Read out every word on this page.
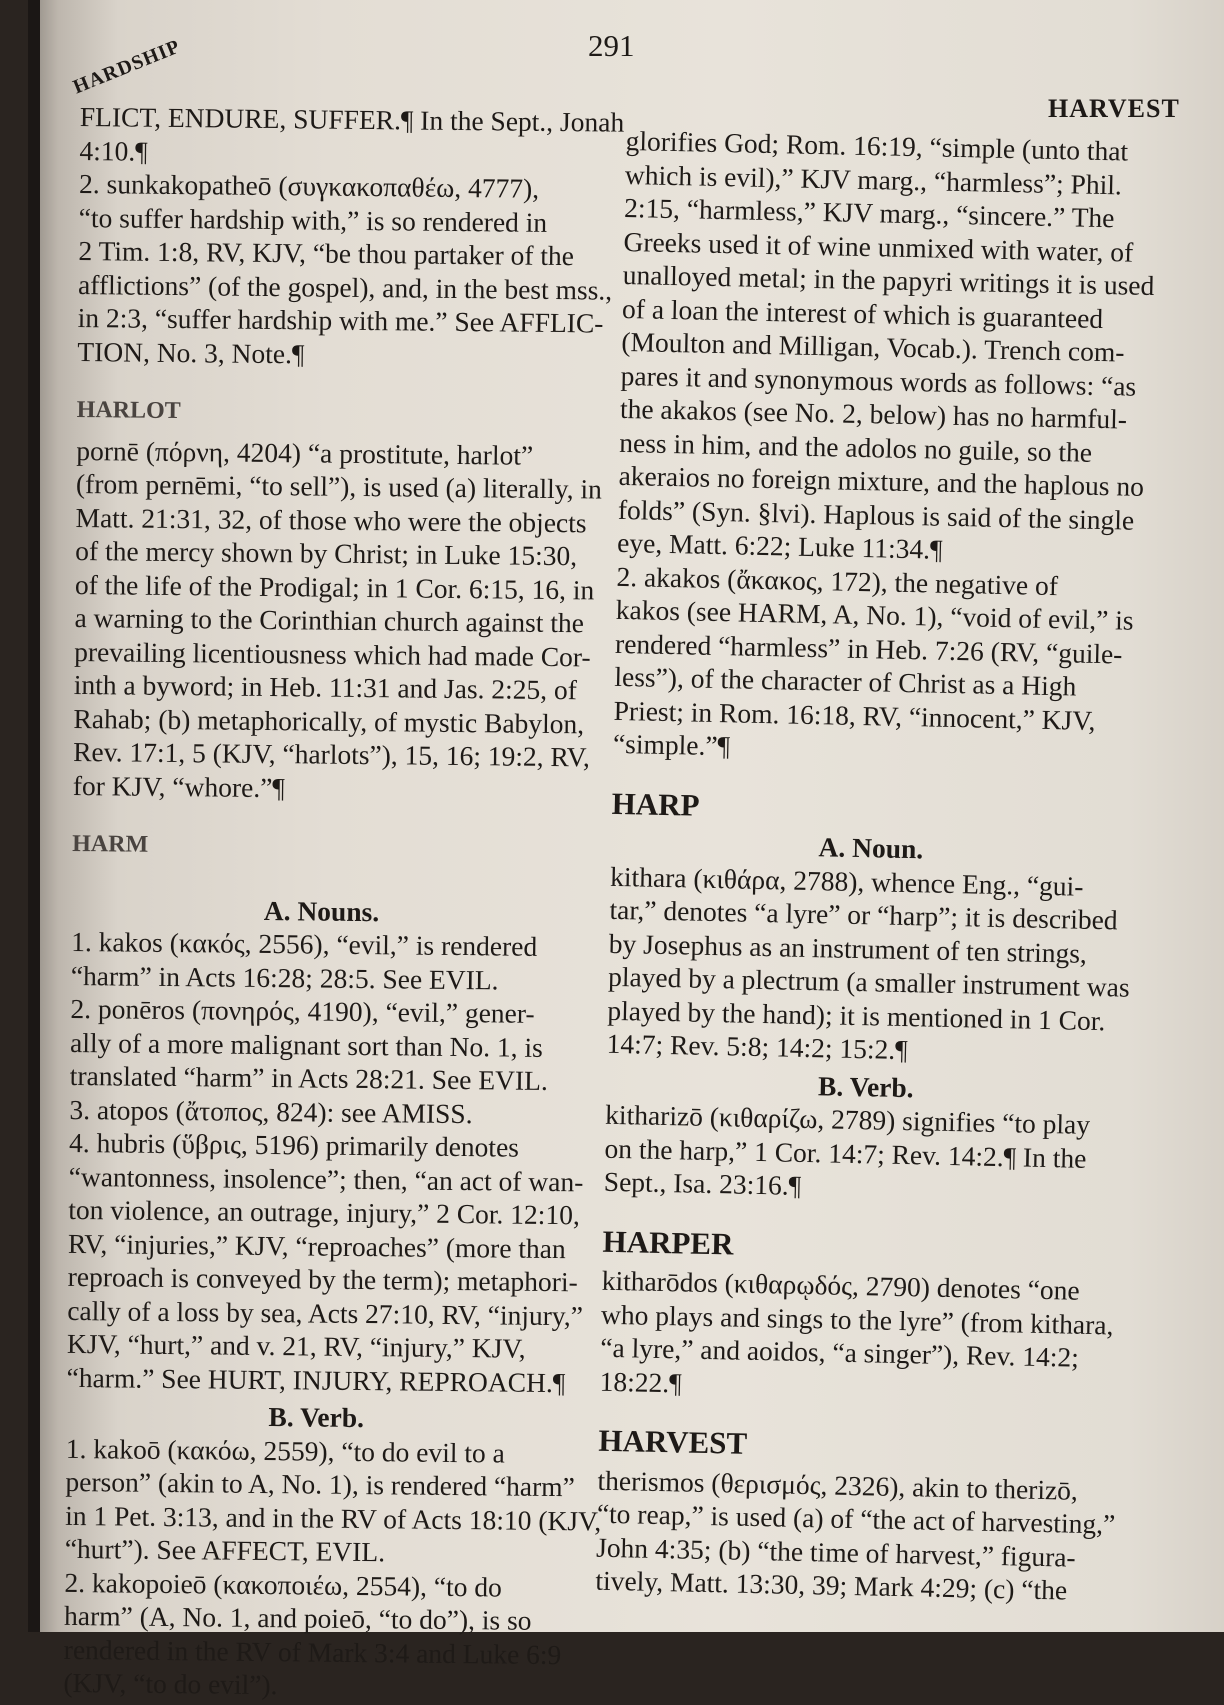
291
HARDSHIP
HARVEST
FLICT, ENDURE, SUFFER.¶ In the Sept., Jonah
4:10.¶
2. sunkakopatheō (συγκακοπαθέω, 4777),
“to suffer hardship with,” is so rendered in
2 Tim. 1:8, RV, KJV, “be thou partaker of the
afflictions” (of the gospel), and, in the best mss.,
in 2:3, “suffer hardship with me.” See AFFLIC-
TION, No. 3, Note.¶
HARLOT
pornē (πόρνη, 4204) “a prostitute, harlot”
(from pernēmi, “to sell”), is used (a) literally, in
Matt. 21:31, 32, of those who were the objects
of the mercy shown by Christ; in Luke 15:30,
of the life of the Prodigal; in 1 Cor. 6:15, 16, in
a warning to the Corinthian church against the
prevailing licentiousness which had made Cor-
inth a byword; in Heb. 11:31 and Jas. 2:25, of
Rahab; (b) metaphorically, of mystic Babylon,
Rev. 17:1, 5 (KJV, “harlots”), 15, 16; 19:2, RV,
for KJV, “whore.”¶
HARM
A. Nouns.
1. kakos (κακός, 2556), “evil,” is rendered
“harm” in Acts 16:28; 28:5. See EVIL.
2. ponēros (πονηρός, 4190), “evil,” gener-
ally of a more malignant sort than No. 1, is
translated “harm” in Acts 28:21. See EVIL.
3. atopos (ἄτοπος, 824): see AMISS.
4. hubris (ὕβρις, 5196) primarily denotes
“wantonness, insolence”; then, “an act of wan-
ton violence, an outrage, injury,” 2 Cor. 12:10,
RV, “injuries,” KJV, “reproaches” (more than
reproach is conveyed by the term); metaphori-
cally of a loss by sea, Acts 27:10, RV, “injury,”
KJV, “hurt,” and v. 21, RV, “injury,” KJV,
“harm.” See HURT, INJURY, REPROACH.¶
B. Verb.
1. kakoō (κακόω, 2559), “to do evil to a
person” (akin to A, No. 1), is rendered “harm”
in 1 Pet. 3:13, and in the RV of Acts 18:10 (KJV,
“hurt”). See AFFECT, EVIL.
2. kakopoieō (κακοποιέω, 2554), “to do
harm” (A, No. 1, and poieō, “to do”), is so
rendered in the RV of Mark 3:4 and Luke 6:9
(KJV, “to do evil”).
glorifies God; Rom. 16:19, “simple (unto that
which is evil),” KJV marg., “harmless”; Phil.
2:15, “harmless,” KJV marg., “sincere.” The
Greeks used it of wine unmixed with water, of
unalloyed metal; in the papyri writings it is used
of a loan the interest of which is guaranteed
(Moulton and Milligan, Vocab.). Trench com-
pares it and synonymous words as follows: “as
the akakos (see No. 2, below) has no harmful-
ness in him, and the adolos no guile, so the
akeraios no foreign mixture, and the haplous no
folds” (Syn. §lvi). Haplous is said of the single
eye, Matt. 6:22; Luke 11:34.¶
2. akakos (ἄκακος, 172), the negative of
kakos (see HARM, A, No. 1), “void of evil,” is
rendered “harmless” in Heb. 7:26 (RV, “guile-
less”), of the character of Christ as a High
Priest; in Rom. 16:18, RV, “innocent,” KJV,
“simple.”¶
HARP
A. Noun.
kithara (κιθάρα, 2788), whence Eng., “gui-
tar,” denotes “a lyre” or “harp”; it is described
by Josephus as an instrument of ten strings,
played by a plectrum (a smaller instrument was
played by the hand); it is mentioned in 1 Cor.
14:7; Rev. 5:8; 14:2; 15:2.¶
B. Verb.
kitharizō (κιθαρίζω, 2789) signifies “to play
on the harp,” 1 Cor. 14:7; Rev. 14:2.¶ In the
Sept., Isa. 23:16.¶
HARPER
kitharōdos (κιθαρῳδός, 2790) denotes “one
who plays and sings to the lyre” (from kithara,
“a lyre,” and aoidos, “a singer”), Rev. 14:2;
18:22.¶
HARVEST
therismos (θερισμός, 2326), akin to therizō,
“to reap,” is used (a) of “the act of harvesting,”
John 4:35; (b) “the time of harvest,” figura-
tively, Matt. 13:30, 39; Mark 4:29; (c) “the
